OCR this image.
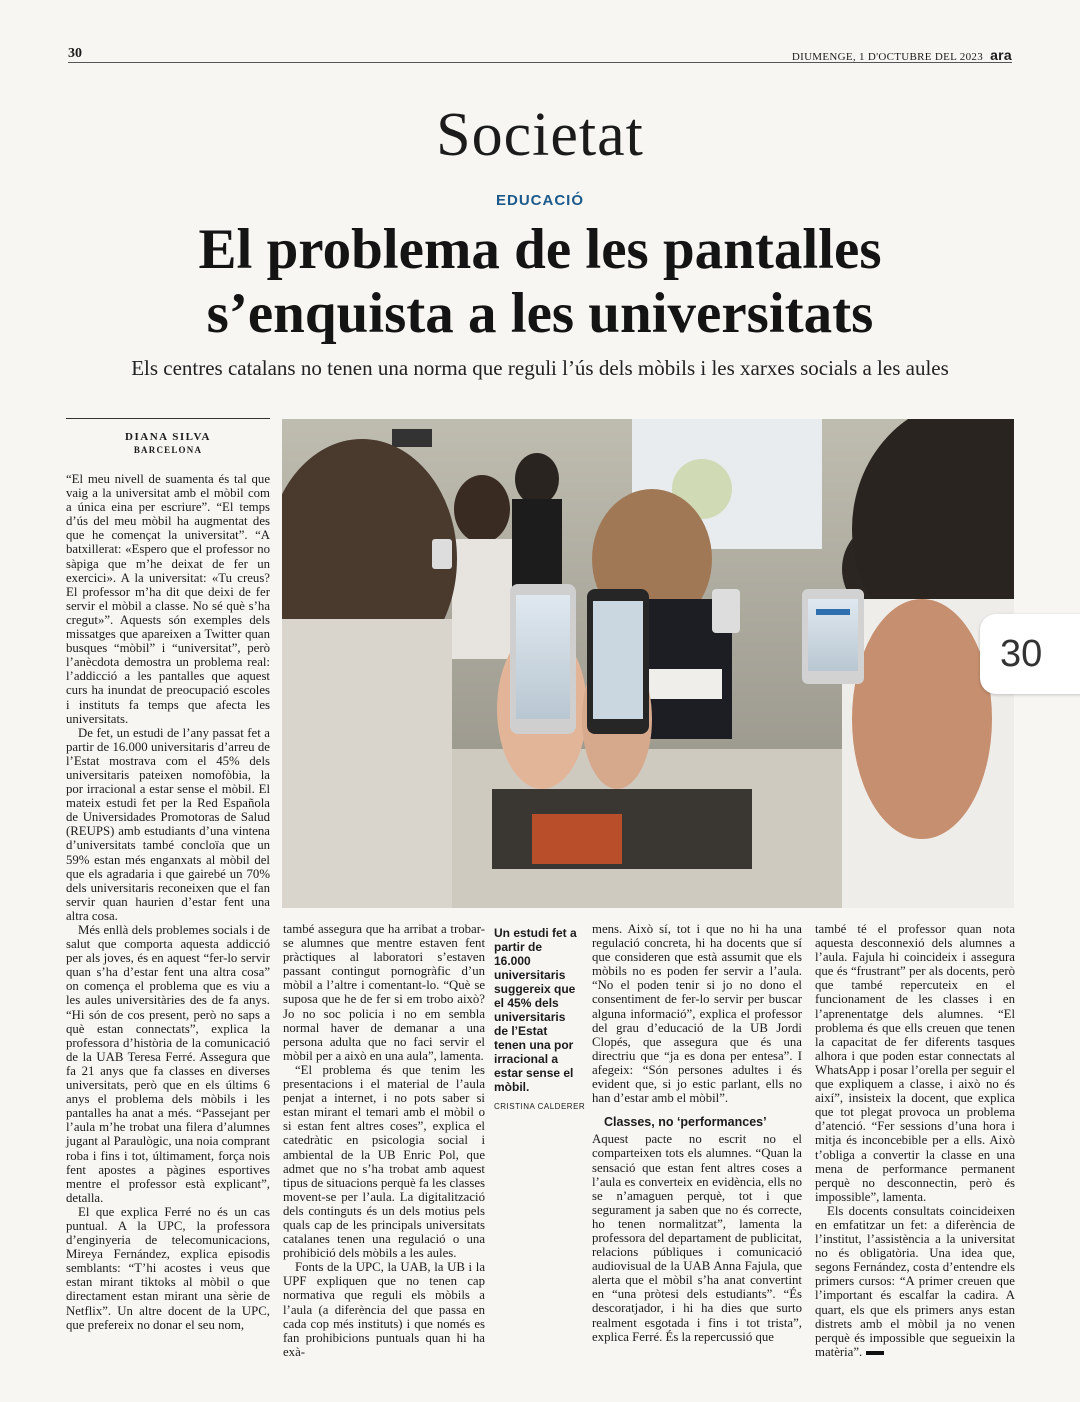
30	DIUMENGE, 1 D'OCTUBRE DEL 2023 ara
Societat
EDUCACIÓ
El problema de les pantalles
s’enquista a les universitats
Els centres catalans no tenen una norma que reguli l’ús dels mòbils i les xarxes socials a les aules
DIANA SILVA
BARCELONA
30

“El meu nivell de suamenta és tal que vaig a la universitat amb el mòbil com a única eina per escriure”. “El temps d’ús del meu mòbil ha augmentat des que he començat la universitat”. “A batxillerat: «Espero que el professor no sàpiga que m’he deixat de fer un exercici». A la universitat: «Tu creus? El professor m’ha dit que deixi de fer servir el mòbil a classe. No sé què s’ha cregut»”. Aquests són exemples dels missatges que apareixen a Twitter quan busques “mòbil” i “universitat”, però l’anècdota demostra un problema real: l’addicció a les pantalles que aquest curs ha inundat de preocupació escoles i instituts fa temps que afecta les universitats.

De fet, un estudi de l’any passat fet a partir de 16.000 universitaris d’arreu de l’Estat mostrava com el 45% dels universitaris pateixen nomofòbia, la por irracional a estar sense el mòbil. El mateix estudi fet per la Red Española de Universidades Promotoras de Salud (REUPS) amb estudiants d’una vintena d’universitats també concloïa que un 59% estan més enganxats al mòbil del que els agradaria i que gairebé un 70% dels universitaris reconeixen que el fan servir quan haurien d’estar fent una altra cosa.

Més enllà dels problemes socials i de salut que comporta aquesta addicció per als joves, és en aquest “fer-lo servir quan s’ha d’estar fent una altra cosa” on comença el problema que es viu a les aules universitàries des de fa anys. “Hi són de cos present, però no saps a què estan connectats”, explica la professora d’història de la comunicació de la UAB Teresa Ferré. Assegura que fa 21 anys que fa classes en diverses universitats, però que en els últims 6 anys el problema dels mòbils i les pantalles ha anat a més. “Passejant per l’aula m’he trobat una filera d’alumnes jugant al Paraulògic, una noia comprant roba i fins i tot, últimament, força nois fent apostes a pàgines esportives mentre el professor està explicant”, detalla.

El que explica Ferré no és un cas puntual. A la UPC, la professora d’enginyeria de telecomunicacions, Mireya Fernández, explica episodis semblants: “T’hi acostes i veus que estan mirant tiktoks al mòbil o que directament estan mirant una sèrie de Netflix”. Un altre docent de la UPC, que prefereix no donar el seu nom,

també assegura que ha arribat a trobar-se alumnes que mentre estaven fent pràctiques al laboratori s’estaven passant contingut pornogràfic d’un mòbil a l’altre i comentant-lo. “Què se suposa que he de fer si em trobo això? Jo no soc policia i no em sembla normal haver de demanar a una persona adulta que no faci servir el mòbil per a això en una aula”, lamenta.

“El problema és que tenim les presentacions i el material de l’aula penjat a internet, i no pots saber si estan mirant el temari amb el mòbil o si estan fent altres coses”, explica el catedràtic en psicologia social i ambiental de la UB Enric Pol, que admet que no s’ha trobat amb aquest tipus de situacions perquè fa les classes movent-se per l’aula. La digitalització dels continguts és un dels motius pels quals cap de les principals universitats catalanes tenen una regulació o una prohibició dels mòbils a les aules.

Fonts de la UPC, la UAB, la UB i la UPF expliquen que no tenen cap normativa que reguli els mòbils a l’aula (a diferència del que passa en cada cop més instituts) i que només es fan prohibicions puntuals quan hi ha exà-

Un estudi fet a partir de 16.000 universitaris suggereix que el 45% dels universitaris de l’Estat tenen una por irracional a estar sense el mòbil.
CRISTINA CALDERER

mens. Això sí, tot i que no hi ha una regulació concreta, hi ha docents que sí que consideren que està assumit que els mòbils no es poden fer servir a l’aula. “No el poden tenir si jo no dono el consentiment de fer-lo servir per buscar alguna informació”, explica el professor del grau d’educació de la UB Jordi Clopés, que assegura que és una directriu que “ja es dona per entesa”. I afegeix: “Són persones adultes i és evident que, si jo estic parlant, ells no han d’estar amb el mòbil”.

Classes, no ‘performances’

Aquest pacte no escrit no el comparteixen tots els alumnes. “Quan la sensació que estan fent altres coses a l’aula es converteix en evidència, ells no se n’amaguen perquè, tot i que segurament ja saben que no és correcte, ho tenen normalitzat”, lamenta la professora del departament de publicitat, relacions públiques i comunicació audiovisual de la UAB Anna Fajula, que alerta que el mòbil s’ha anat convertint en “una pròtesi dels estudiants”. “És descoratjador, i hi ha dies que surto realment esgotada i fins i tot trista”, explica Ferré. És la repercussió que

també té el professor quan nota aquesta desconnexió dels alumnes a l’aula. Fajula hi coincideix i assegura que és “frustrant” per als docents, però que també repercuteix en el funcionament de les classes i en l’aprenentatge dels alumnes. “El problema és que ells creuen que tenen la capacitat de fer diferents tasques alhora i que poden estar connectats al WhatsApp i posar l’orella per seguir el que expliquem a classe, i això no és així”, insisteix la docent, que explica que tot plegat provoca un problema d’atenció. “Fer sessions d’una hora i mitja és inconcebible per a ells. Això t’obliga a convertir la classe en una mena de performance permanent perquè no desconnectin, però és impossible”, lamenta.

Els docents consultats coincideixen en emfatitzar un fet: a diferència de l’institut, l’assistència a la universitat no és obligatòria. Una idea que, segons Fernández, costa d’entendre els primers cursos: “A primer creuen que l’important és escalfar la cadira. A quart, els que els primers anys estan distrets amb el mòbil ja no venen perquè és impossible que segueixin la matèria”.
